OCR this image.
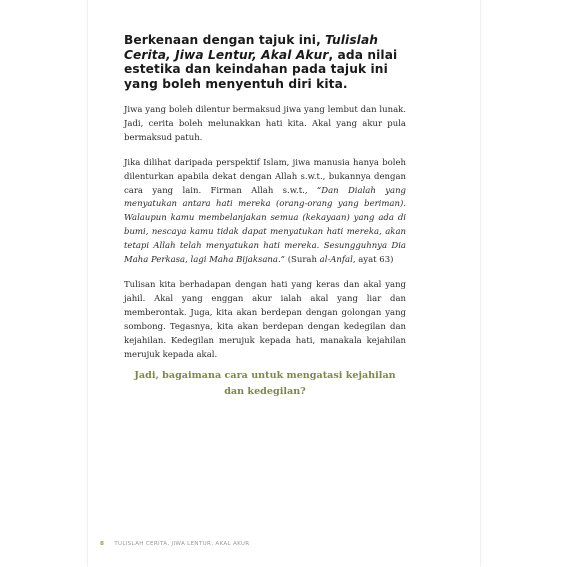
Berkenaan dengan tajuk ini, Tulislah Cerita, Jiwa Lentur, Akal Akur, ada nilai estetika dan keindahan pada tajuk ini yang boleh menyentuh diri kita.

Jiwa yang boleh dilentur bermaksud jiwa yang lembut dan lunak. Jadi, cerita boleh melunakkan hati kita. Akal yang akur pula bermaksud patuh.

Jika dilihat daripada perspektif Islam, jiwa manusia hanya boleh dilenturkan apabila dekat dengan Allah s.w.t., bukannya dengan cara yang lain. Firman Allah s.w.t., “Dan Dialah yang menyatukan antara hati mereka (orang-orang yang beriman). Walaupun kamu membelanjakan semua (kekayaan) yang ada di bumi, nescaya kamu tidak dapat menyatukan hati mereka, akan tetapi Allah telah menyatukan hati mereka. Sesungguhnya Dia Maha Perkasa, lagi Maha Bijaksana.” (Surah al-Anfal, ayat 63)

Tulisan kita berhadapan dengan hati yang keras dan akal yang jahil. Akal yang enggan akur ialah akal yang liar dan memberontak. Juga, kita akan berdepan dengan golongan yang sombong. Tegasnya, kita akan berdepan dengan kedegilan dan kejahilan. Kedegilan merujuk kepada hati, manakala kejahilan merujuk kepada akal.

Jadi, bagaimana cara untuk mengatasi kejahilan dan kedegilan?

8 TULISLAH CERITA, JIWA LENTUR, AKAL AKUR
